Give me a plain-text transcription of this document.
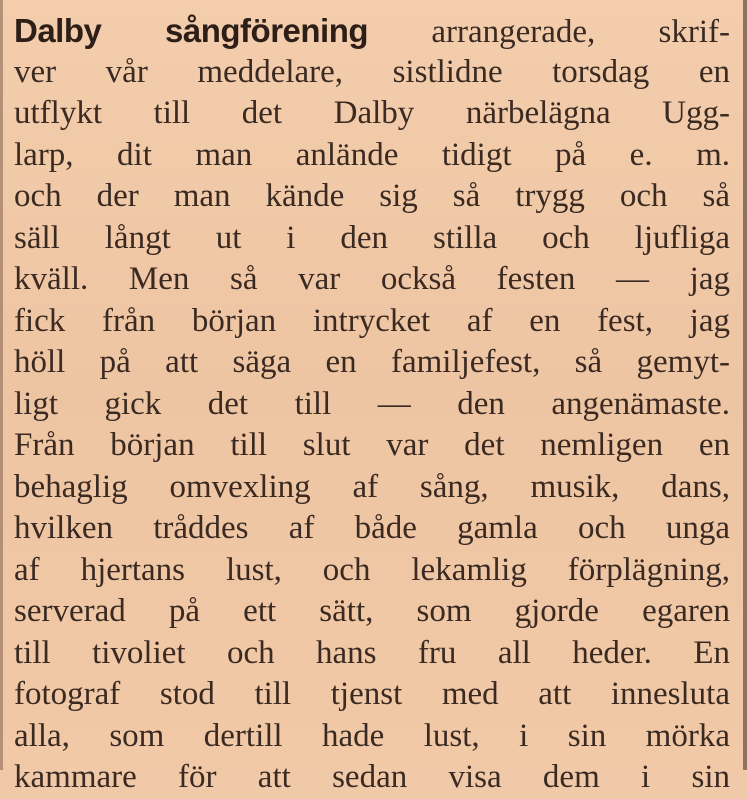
Dalby sångförening arrangerade, skrif-
ver vår meddelare, sistlidne torsdag en
utflykt till det Dalby närbelägna Ugg-
larp, dit man anlände tidigt på e. m.
och der man kände sig så trygg och så
säll långt ut i den stilla och ljufliga
kväll. Men så var också festen — jag
fick från början intrycket af en fest, jag
höll på att säga en familjefest, så gemyt-
ligt gick det till — den angenämaste.
Från början till slut var det nemligen en
behaglig omvexling af sång, musik, dans,
hvilken tråddes af både gamla och unga
af hjertans lust, och lekamlig förplägning,
serverad på ett sätt, som gjorde egaren
till tivoliet och hans fru all heder. En
fotograf stod till tjenst med att innesluta
alla, som dertill hade lust, i sin mörka
kammare för att sedan visa dem i sin
